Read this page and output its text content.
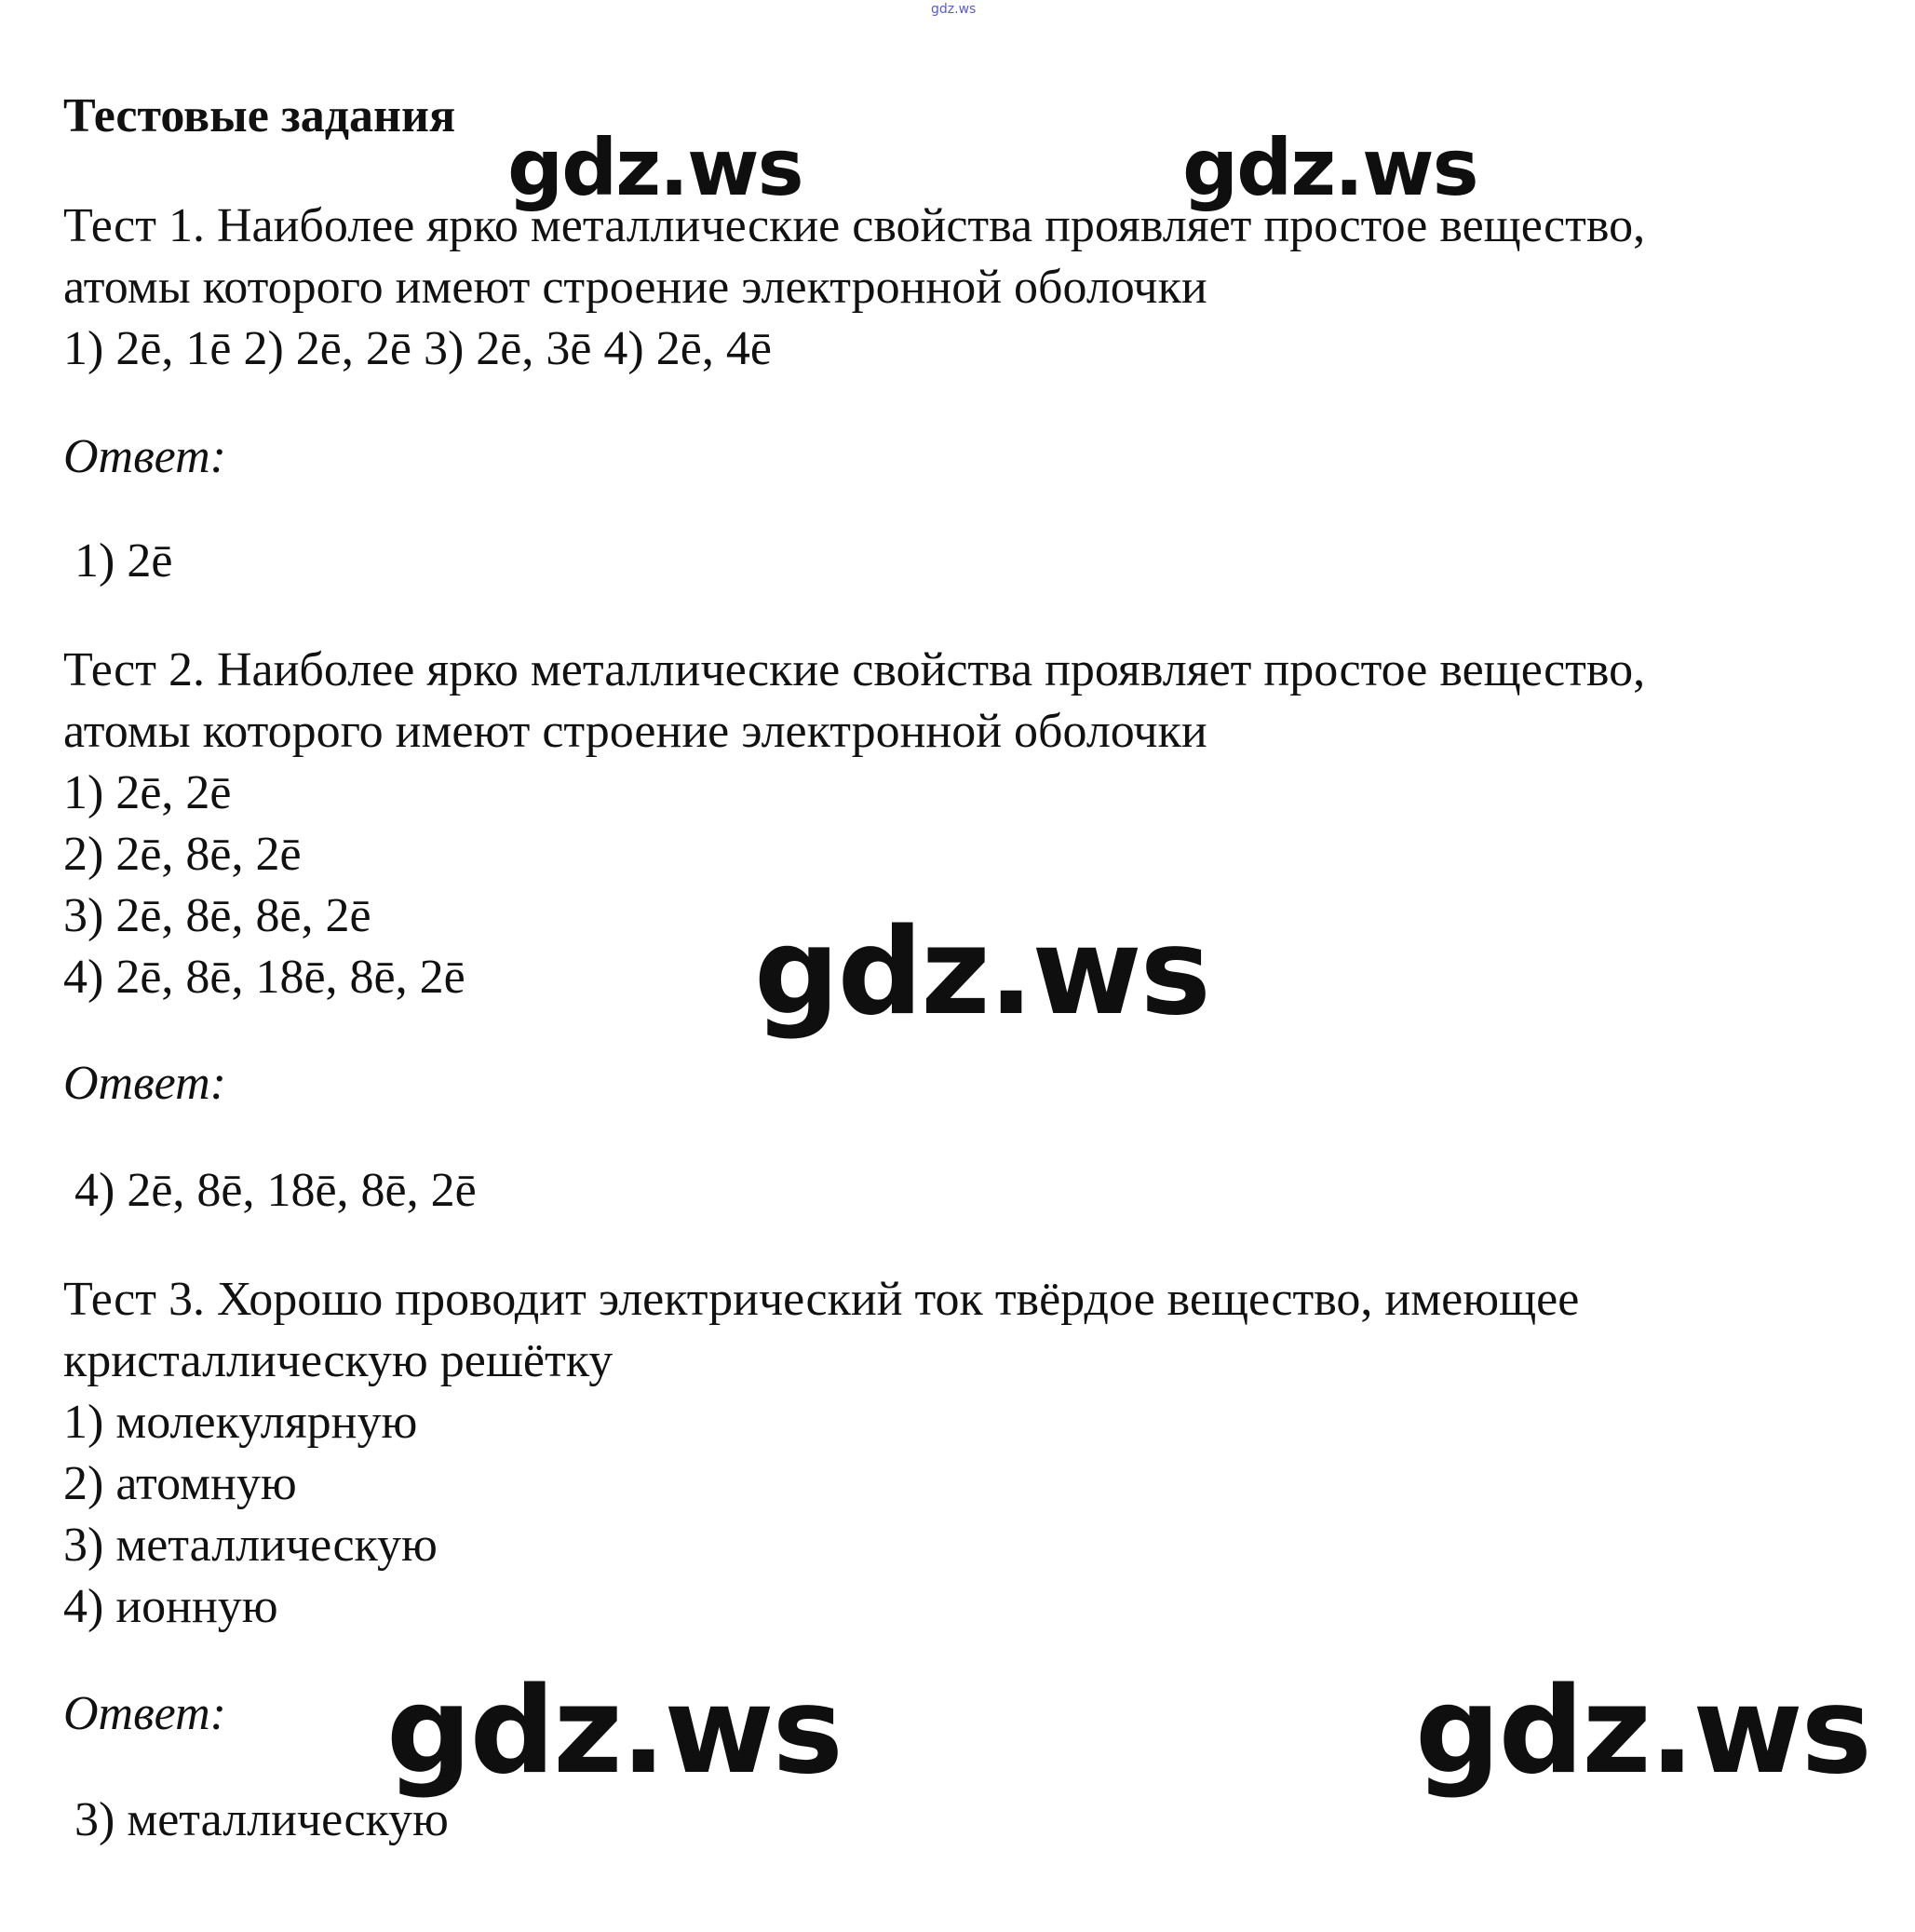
gdz.ws
Тестовые задания
Тест 1. Наиболее ярко металлические свойства проявляет простое вещество,
атомы которого имеют строение электронной оболочки
1) 2ē, 1ē 2) 2ē, 2ē 3) 2ē, 3ē 4) 2ē, 4ē
Ответ:
1) 2ē
Тест 2. Наиболее ярко металлические свойства проявляет простое вещество,
атомы которого имеют строение электронной оболочки
1) 2ē, 2ē
2) 2ē, 8ē, 2ē
3) 2ē, 8ē, 8ē, 2ē
4) 2ē, 8ē, 18ē, 8ē, 2ē
Ответ:
4) 2ē, 8ē, 18ē, 8ē, 2ē
Тест 3. Хорошо проводит электрический ток твёрдое вещество, имеющее
кристаллическую решётку
1) молекулярную
2) атомную
3) металлическую
4) ионную
Ответ:
3) металлическую
gdz.ws	gdz.ws
gdz.ws
gdz.ws	gdz.ws
